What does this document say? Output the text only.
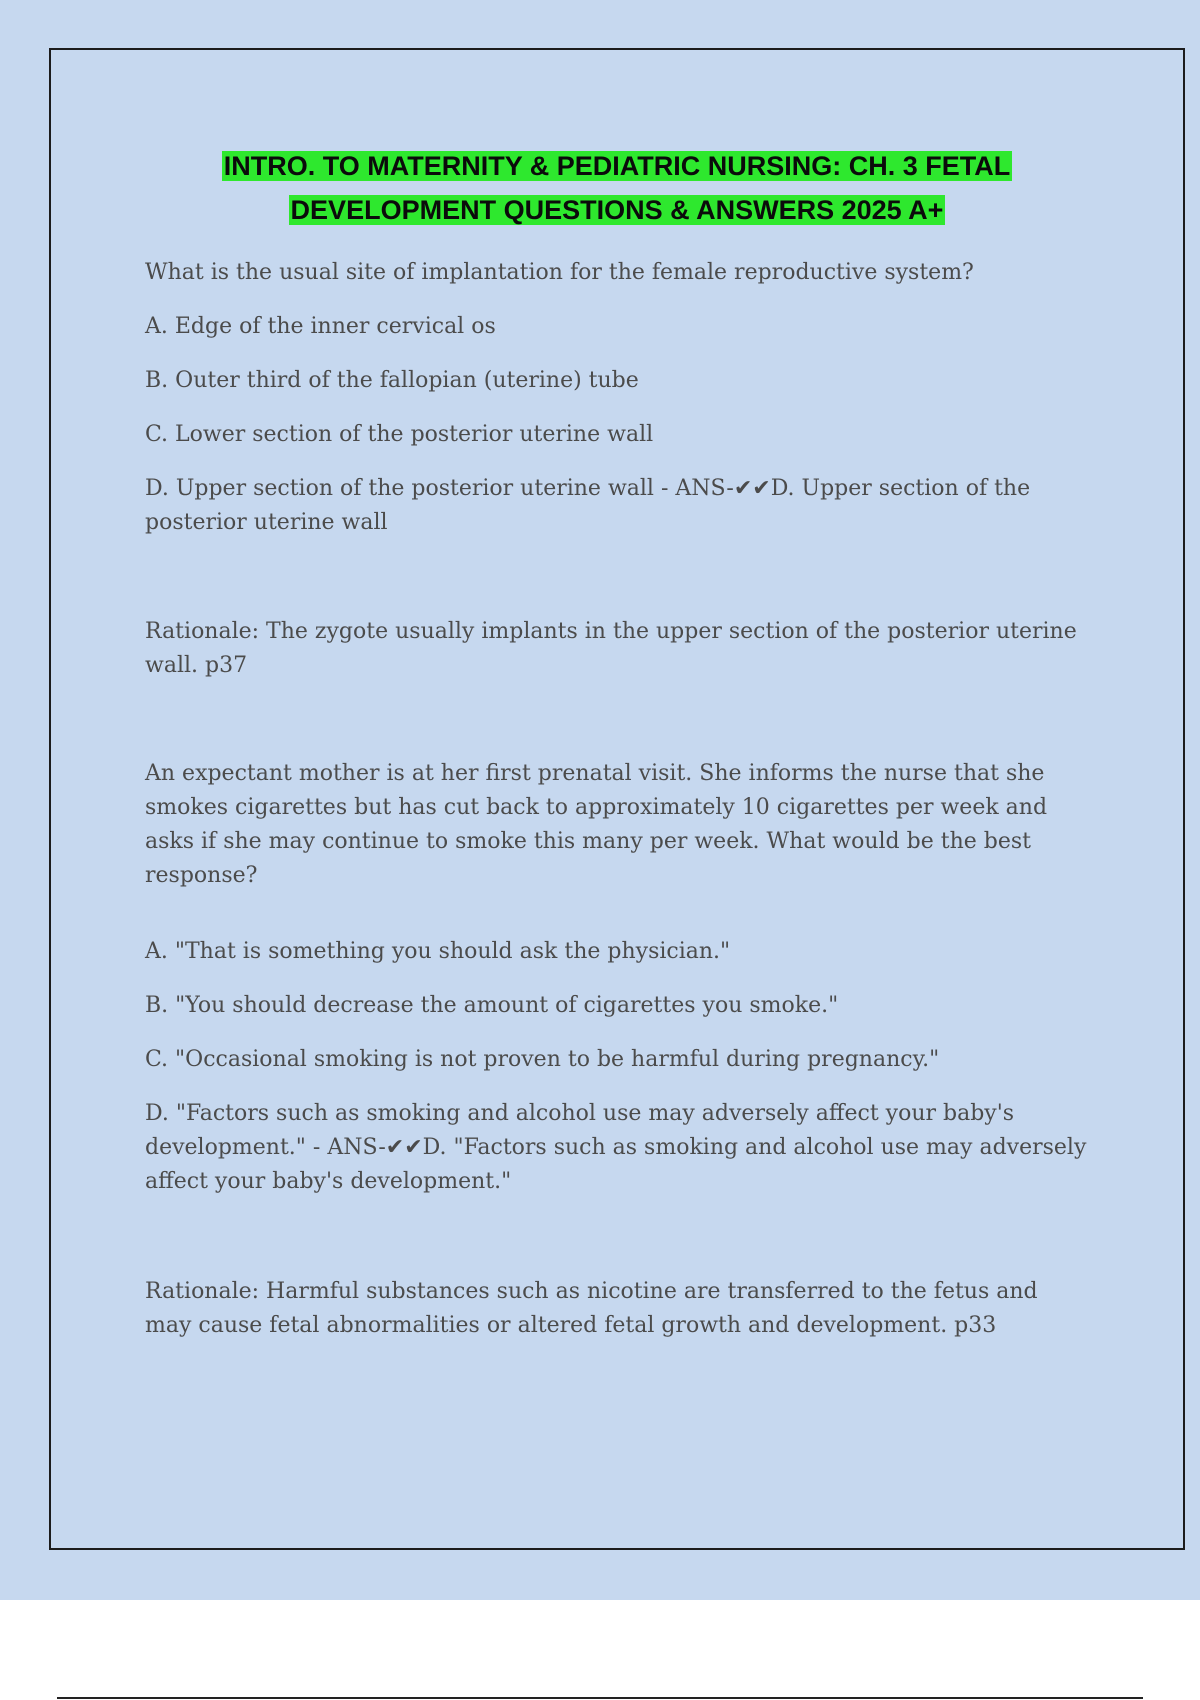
INTRO. TO MATERNITY & PEDIATRIC NURSING: CH. 3 FETAL
DEVELOPMENT QUESTIONS & ANSWERS 2025 A+

What is the usual site of implantation for the female reproductive system?

A. Edge of the inner cervical os

B. Outer third of the fallopian (uterine) tube

C. Lower section of the posterior uterine wall

D. Upper section of the posterior uterine wall - ANS-✔✔D. Upper section of the posterior uterine wall

Rationale: The zygote usually implants in the upper section of the posterior uterine wall. p37

An expectant mother is at her first prenatal visit. She informs the nurse that she smokes cigarettes but has cut back to approximately 10 cigarettes per week and asks if she may continue to smoke this many per week. What would be the best response?

A. "That is something you should ask the physician."

B. "You should decrease the amount of cigarettes you smoke."

C. "Occasional smoking is not proven to be harmful during pregnancy."

D. "Factors such as smoking and alcohol use may adversely affect your baby's development." - ANS-✔✔D. "Factors such as smoking and alcohol use may adversely affect your baby's development."

Rationale: Harmful substances such as nicotine are transferred to the fetus and may cause fetal abnormalities or altered fetal growth and development. p33
